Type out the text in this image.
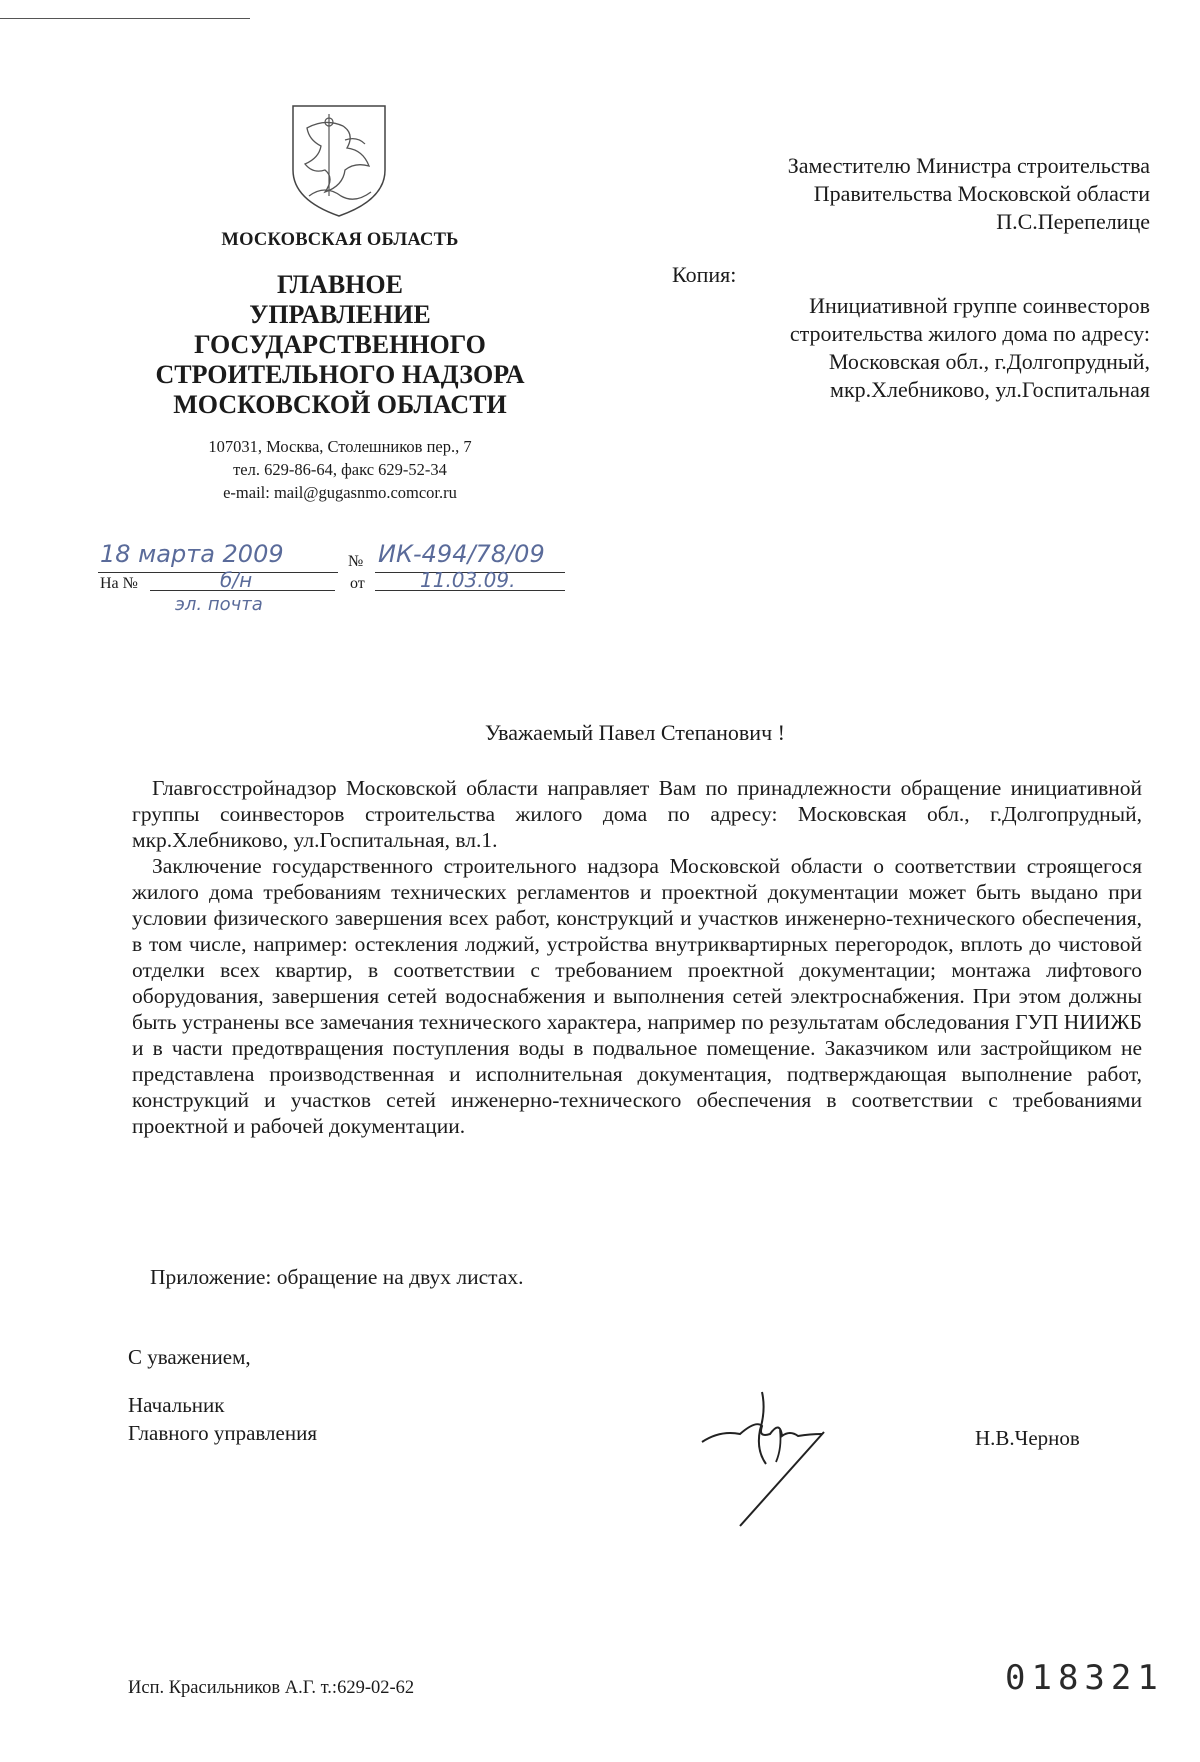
МОСКОВСКАЯ ОБЛАСТЬ
ГЛАВНОЕ
УПРАВЛЕНИЕ
ГОСУДАРСТВЕННОГО
СТРОИТЕЛЬНОГО НАДЗОРА
МОСКОВСКОЙ ОБЛАСТИ
107031, Москва, Столешников пер., 7
тел. 629-86-64, факс 629-52-34
e-mail: mail@gugasnmo.comcor.ru
18 марта 2009	№ ИК-494/78/09
На №	б/н	от	11.03.09.
эл. почта
Заместителю Министра строительства
Правительства Московской области
П.С.Перепелице
Копия:
Инициативной группе соинвесторов
строительства жилого дома по адресу:
Московская обл., г.Долгопрудный,
мкр.Хлебниково, ул.Госпитальная
Уважаемый Павел Степанович !

Главгосстройнадзор Московской области направляет Вам по принадлежности обращение инициативной группы соинвесторов строительства жилого дома по адресу: Московская обл., г.Долгопрудный, мкр.Хлебниково, ул.Госпитальная, вл.1.

Заключение государственного строительного надзора Московской области о соответствии строящегося жилого дома требованиям технических регламентов и проектной документации может быть выдано при условии физического завершения всех работ, конструкций и участков инженерно-технического обеспечения, в том числе, например: остекления лоджий, устройства внутриквартирных перегородок, вплоть до чистовой отделки всех квартир, в соответствии с требованием проектной документации; монтажа лифтового оборудования, завершения сетей водоснабжения и выполнения сетей электроснабжения. При этом должны быть устранены все замечания технического характера, например по результатам обследования ГУП НИИЖБ и в части предотвращения поступления воды в подвальное помещение. Заказчиком или застройщиком не представлена производственная и исполнительная документация, подтверждающая выполнение работ, конструкций и участков сетей инженерно-технического обеспечения в соответствии с требованиями проектной и рабочей документации.

Приложение: обращение на двух листах.
С уважением,
Начальник
Главного управления	Н.В.Чернов
Исп. Красильников А.Г. т.:629-02-62	018321
